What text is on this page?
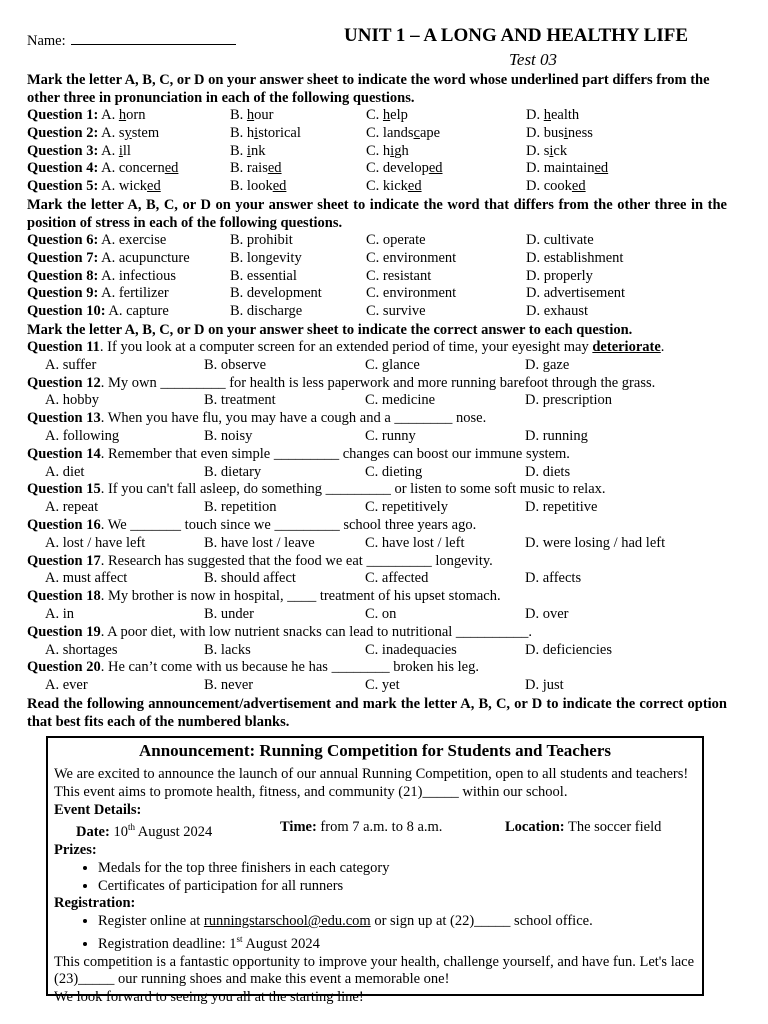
Name:	UNIT 1 – A LONG AND HEALTHY LIFE
Test 03
Mark the letter A, B, C, or D on your answer sheet to indicate the word whose underlined part differs from the other three in pronunciation in each of the following questions.
Question 1: A. horn	B. hour	C. help	D. health
Question 2: A. system	B. historical	C. landscape	D. business
Question 3: A. ill	B. ink	C. high	D. sick
Question 4: A. concerned	B. raised	C. developed	D. maintained
Question 5: A. wicked	B. looked	C. kicked	D. cooked
Mark the letter A, B, C, or D on your answer sheet to indicate the word that differs from the other three in the position of stress in each of the following questions.
Question 6: A. exercise	B. prohibit	C. operate	D. cultivate
Question 7: A. acupuncture	B. longevity	C. environment	D. establishment
Question 8: A. infectious	B. essential	C. resistant	D. properly
Question 9: A. fertilizer	B. development	C. environment	D. advertisement
Question 10: A. capture	B. discharge	C. survive	D. exhaust
Mark the letter A, B, C, or D on your answer sheet to indicate the correct answer to each question.
Question 11. If you look at a computer screen for an extended period of time, your eyesight may deteriorate.
A. suffer	B. observe	C. glance	D. gaze
Question 12. My own _________ for health is less paperwork and more running barefoot through the grass.
A. hobby	B. treatment	C. medicine	D. prescription
Question 13. When you have flu, you may have a cough and a ________ nose.
A. following	B. noisy	C. runny	D. running
Question 14. Remember that even simple _________ changes can boost our immune system.
A. diet	B. dietary	C. dieting	D. diets
Question 15. If you can't fall asleep, do something _________ or listen to some soft music to relax.
A. repeat	B. repetition	C. repetitively	D. repetitive
Question 16. We _______ touch since we _________ school three years ago.
A. lost / have left	B. have lost / leave	C. have lost / left	D. were losing / had left
Question 17. Research has suggested that the food we eat _________ longevity.
A. must affect	B. should affect	C. affected	D. affects
Question 18. My brother is now in hospital, ____ treatment of his upset stomach.
A. in	B. under	C. on	D. over
Question 19. A poor diet, with low nutrient snacks can lead to nutritional __________.
A. shortages	B. lacks	C. inadequacies	D. deficiencies
Question 20. He can’t come with us because he has ________ broken his leg.
A. ever	B. never	C. yet	D. just
Read the following announcement/advertisement and mark the letter A, B, C, or D to indicate the correct option that best fits each of the numbered blanks.
Announcement: Running Competition for Students and Teachers
We are excited to announce the launch of our annual Running Competition, open to all students and teachers! This event aims to promote health, fitness, and community (21)_____ within our school.
Event Details:
Date: 10th August 2024	Time: from 7 a.m. to 8 a.m.	Location: The soccer field
Prizes:
• Medals for the top three finishers in each category
• Certificates of participation for all runners
Registration:
• Register online at runningstarschool@edu.com or sign up at (22)_____ school office.
• Registration deadline: 1st August 2024
This competition is a fantastic opportunity to improve your health, challenge yourself, and have fun. Let's lace (23)_____ our running shoes and make this event a memorable one!
We look forward to seeing you all at the starting line!
